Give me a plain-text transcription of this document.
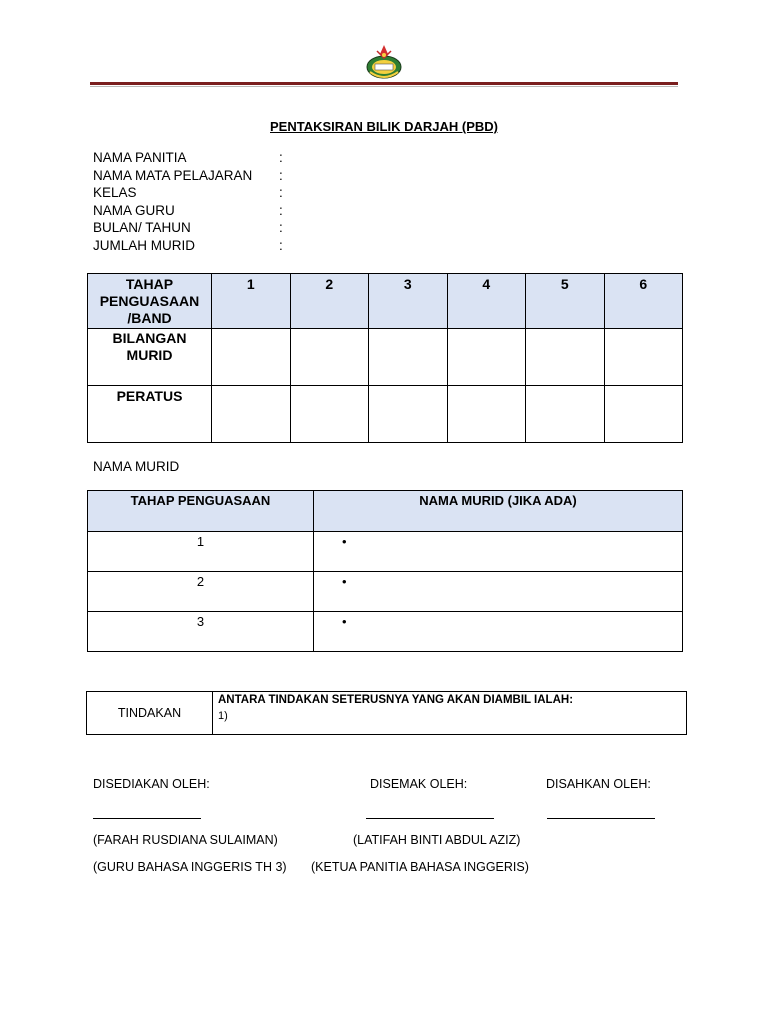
PENTAKSIRAN BILIK DARJAH (PBD)
NAMA PANITIA	:
NAMA MATA PELAJARAN :
KELAS	:
NAMA GURU	:
BULAN/ TAHUN	:
JUMLAH MURID	:
TAHAP PENGUASAAN /BAND	1	2	3	4	5	6
BILANGAN MURID						
PERATUS						
NAMA MURID
TAHAP PENGUASAAN	NAMA MURID (JIKA ADA)
1	•
2	•
3	•
TINDAKAN	
ANTARA TINDAKAN SETERUSNYA YANG AKAN DIAMBIL IALAH:
1)
DISEDIAKAN OLEH:	DISEMAK OLEH:	DISAHKAN OLEH:
(FARAH RUSDIANA SULAIMAN)	(LATIFAH BINTI ABDUL AZIZ)
(GURU BAHASA INGGERIS TH 3) (KETUA PANITIA BAHASA INGGERIS)
